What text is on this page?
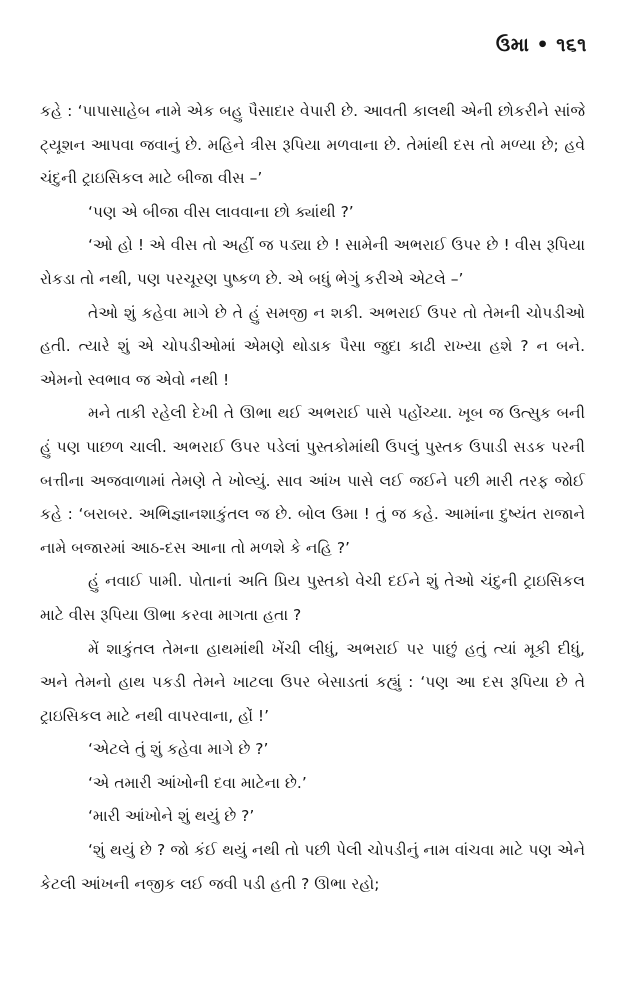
ઉમા • ૧૬૧

કહે : ‘પાપાસાહેબ નામે એક બહુ પૈસાદાર વેપારી છે. આવતી કાલથી એની છોકરીને સાંજે ટ્યૂશન આપવા જવાનું છે. મહિને ત્રીસ રૂપિયા મળવાના છે. તેમાંથી દસ તો મળ્યા છે; હવે ચંદુની ટ્રાઇસિકલ માટે બીજા વીસ –’

‘પણ એ બીજા વીસ લાવવાના છો ક્યાંથી ?’

‘ઓ હો ! એ વીસ તો અહીં જ પડ્યા છે ! સામેની અભરાઈ ઉપર છે ! વીસ રૂપિયા રોકડા તો નથી, પણ પરચૂરણ પુષ્કળ છે. એ બધું ભેગું કરીએ એટલે –’

તેઓ શું કહેવા માગે છે તે હું સમજી ન શકી. અભરાઈ ઉપર તો તેમની ચોપડીઓ હતી. ત્યારે શું એ ચોપડીઓમાં એમણે થોડાક પૈસા જુદા કાઢી રાખ્યા હશે ? ન બને. એમનો સ્વભાવ જ એવો નથી !

મને તાકી રહેલી દેખી તે ઊભા થઈ અભરાઈ પાસે પહોંચ્યા. ખૂબ જ ઉત્સુક બની હું પણ પાછળ ચાલી. અભરાઈ ઉપર પડેલાં પુસ્તકોમાંથી ઉપલું પુસ્તક ઉપાડી સડક પરની બત્તીના અજવાળામાં તેમણે તે ખોલ્યું. સાવ આંખ પાસે લઈ જઈને પછી મારી તરફ જોઈ કહે : ‘બરાબર. અભિજ્ઞાનશાકુંતલ જ છે. બોલ ઉમા ! તું જ કહે. આમાંના દુષ્યંત રાજાને નામે બજારમાં આઠ-દસ આના તો મળશે કે નહિ ?’

હું નવાઈ પામી. પોતાનાં અતિ પ્રિય પુસ્તકો વેચી દઈને શું તેઓ ચંદુની ટ્રાઇસિકલ માટે વીસ રૂપિયા ઊભા કરવા માગતા હતા ?

મેં શાકુંતલ તેમના હાથમાંથી ખેંચી લીધું, અભરાઈ પર પાછું હતું ત્યાં મૂકી દીધું, અને તેમનો હાથ પકડી તેમને ખાટલા ઉપર બેસાડતાં કહ્યું : ‘પણ આ દસ રૂપિયા છે તે ટ્રાઇસિકલ માટે નથી વાપરવાના, હોં !’

‘એટલે તું શું કહેવા માગે છે ?’

‘એ તમારી આંખોની દવા માટેના છે.’

‘મારી આંખોને શું થયું છે ?’

‘શું થયું છે ? જો કંઈ થયું નથી તો પછી પેલી ચોપડીનું નામ વાંચવા માટે પણ એને કેટલી આંખની નજીક લઈ જવી પડી હતી ? ઊભા રહો;
